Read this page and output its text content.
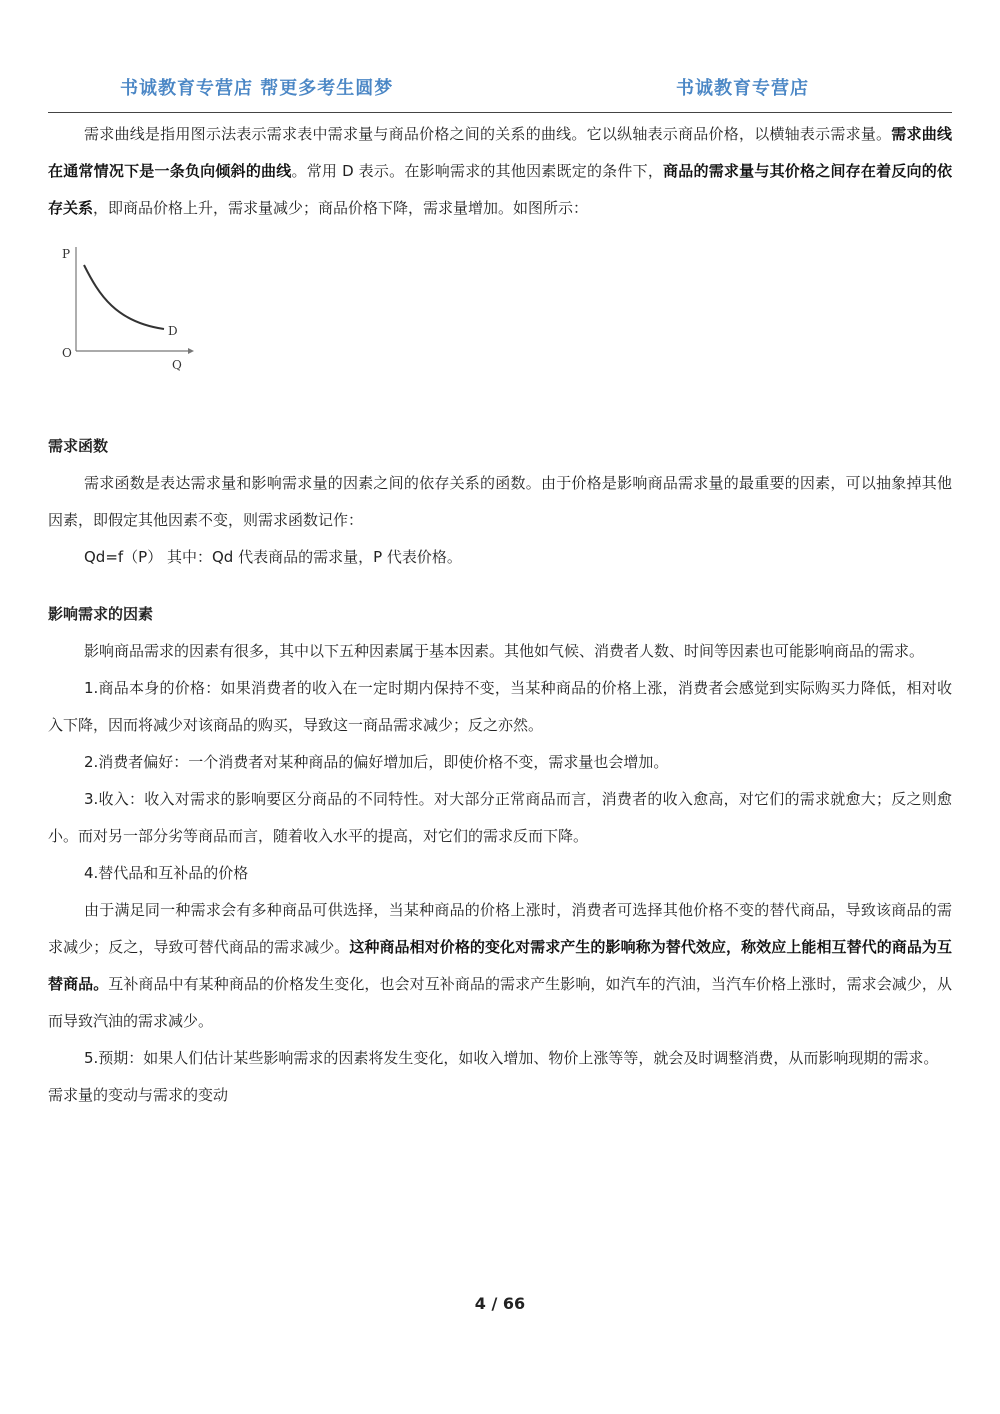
书诚教育专营店 帮更多考生圆梦	书诚教育专营店

需求曲线是指用图示法表示需求表中需求量与商品价格之间的关系的曲线。它以纵轴表示商品价格，以横轴表示需求量。需求曲线在通常情况下是一条负向倾斜的曲线。常用 D 表示。在影响需求的其他因素既定的条件下，商品的需求量与其价格之间存在着反向的依存关系，即商品价格上升，需求量减少；商品价格下降，需求量增加。如图所示：

P
O
Q
D

需求函数

需求函数是表达需求量和影响需求量的因素之间的依存关系的函数。由于价格是影响商品需求量的最重要的因素，可以抽象掉其他因素，即假定其他因素不变，则需求函数记作：

Qd=f（P） 其中：Qd 代表商品的需求量，P 代表价格。

影响需求的因素

影响商品需求的因素有很多，其中以下五种因素属于基本因素。其他如气候、消费者人数、时间等因素也可能影响商品的需求。

1.商品本身的价格：如果消费者的收入在一定时期内保持不变，当某种商品的价格上涨，消费者会感觉到实际购买力降低，相对收入下降，因而将减少对该商品的购买，导致这一商品需求减少；反之亦然。

2.消费者偏好：一个消费者对某种商品的偏好增加后，即使价格不变，需求量也会增加。

3.收入：收入对需求的影响要区分商品的不同特性。对大部分正常商品而言，消费者的收入愈高，对它们的需求就愈大；反之则愈小。而对另一部分劣等商品而言，随着收入水平的提高，对它们的需求反而下降。

4.替代品和互补品的价格

由于满足同一种需求会有多种商品可供选择，当某种商品的价格上涨时，消费者可选择其他价格不变的替代商品，导致该商品的需求减少；反之，导致可替代商品的需求减少。这种商品相对价格的变化对需求产生的影响称为替代效应，称效应上能相互替代的商品为互替商品。互补商品中有某种商品的价格发生变化，也会对互补商品的需求产生影响，如汽车的汽油，当汽车价格上涨时，需求会减少，从而导致汽油的需求减少。

5.预期：如果人们估计某些影响需求的因素将发生变化，如收入增加、物价上涨等等，就会及时调整消费，从而影响现期的需求。

需求量的变动与需求的变动

4 / 66
